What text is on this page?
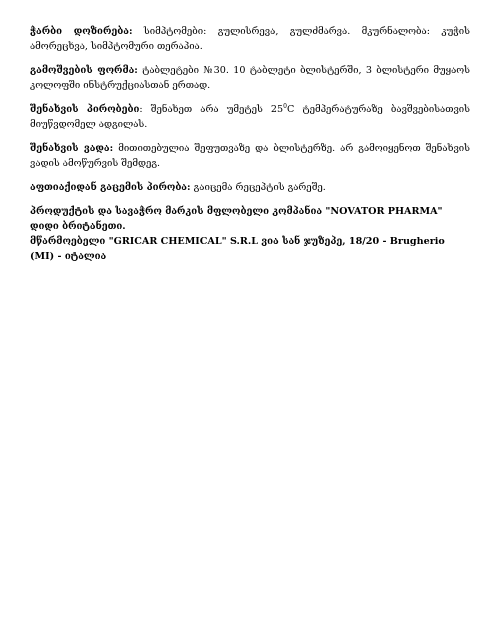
ჭარბი დოზირება: სიმპტომები: გულისრევა, გულძმარვა. მკურნალობა: კუჭის ამორეცხვა, სიმპტომური თერაპია.

გამოშვების ფორმა: ტაბლეტები №30. 10 ტაბლეტი ბლისტერში, 3 ბლისტერი მუყაოს კოლოფში ინსტრუქციასთან ერთად.

შენახვის პირობები: შენახეთ არა უმეტეს $25^0C$ ტემპერატურაზე ბავშვებისათვის მიუწვდომელ ადგილას.

შენახვის ვადა: მითითებულია შეფუთვაზე და ბლისტერზე. არ გამოიყენოთ შენახვის ვადის ამოწურვის შემდეგ.

აფთიაქიდან გაცემის პირობა: გაიცემა რეცეპტის გარეშე.

პროდუქტის და სავაჭრო მარკის მფლობელი კომპანია "NOVATOR PHARMA" დიდი ბრიტანეთი.
მწარმოებელი "GRICAR CHEMICAL" S.R.L ვია სან ჯუზეპე, 18/20 - Brugherio (MI) - იტალია
